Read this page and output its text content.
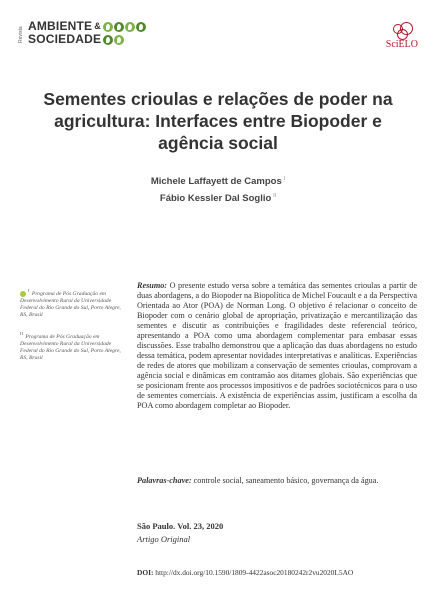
Revista
AMBIENTE &
SOCIEDADE	SciELO
Sementes crioulas e relações de poder na agricultura: Interfaces entre Biopoder e agência social
Michele Laffayett de Campos $^I$
Fábio Kessler Dal Soglio $^{II}$
$^I$ Programa de Pós Graduação em Desenvolvimento Rural da Universidade Federal do Rio Grande do Sul, Porto Alegre, RS, Brasil
$^{II}$ Programa de Pós Graduação em Desenvolvimento Rural da Universidade Federal do Rio Grande do Sul, Porto Alegre, RS, Brasil

Resumo: O presente estudo versa sobre a temática das sementes crioulas a partir de duas abordagens, a do Biopoder na Biopolítica de Michel Foucault e a da Perspectiva Orientada ao Ator (POA) de Norman Long. O objetivo é relacionar o conceito de Biopoder com o cenário global de apropriação, privatização e mercantilização das sementes e discutir as contribuições e fragilidades deste referencial teórico, apresentando a POA como uma abordagem complementar para embasar essas discussões. Esse trabalho demonstrou que a aplicação das duas abordagens no estudo dessa temática, podem apresentar novidades interpretativas e analíticas. Experiências de redes de atores que mobilizam a conservação de sementes crioulas, comprovam a agência social e dinâmicas em contramão aos ditames globais. São experiências que se posicionam frente aos processos impositivos e de padrões sociotécnicos para o uso de sementes comerciais. A existência de experiências assim, justificam a escolha da POA como abordagem completar ao Biopoder.

Palavras-chave: controle social, saneamento básico, governança da água.

São Paulo. Vol. 23, 2020
Artigo Original
DOI: http://dx.doi.org/10.1590/1809-4422asoc20180242r2vu2020L5AO
